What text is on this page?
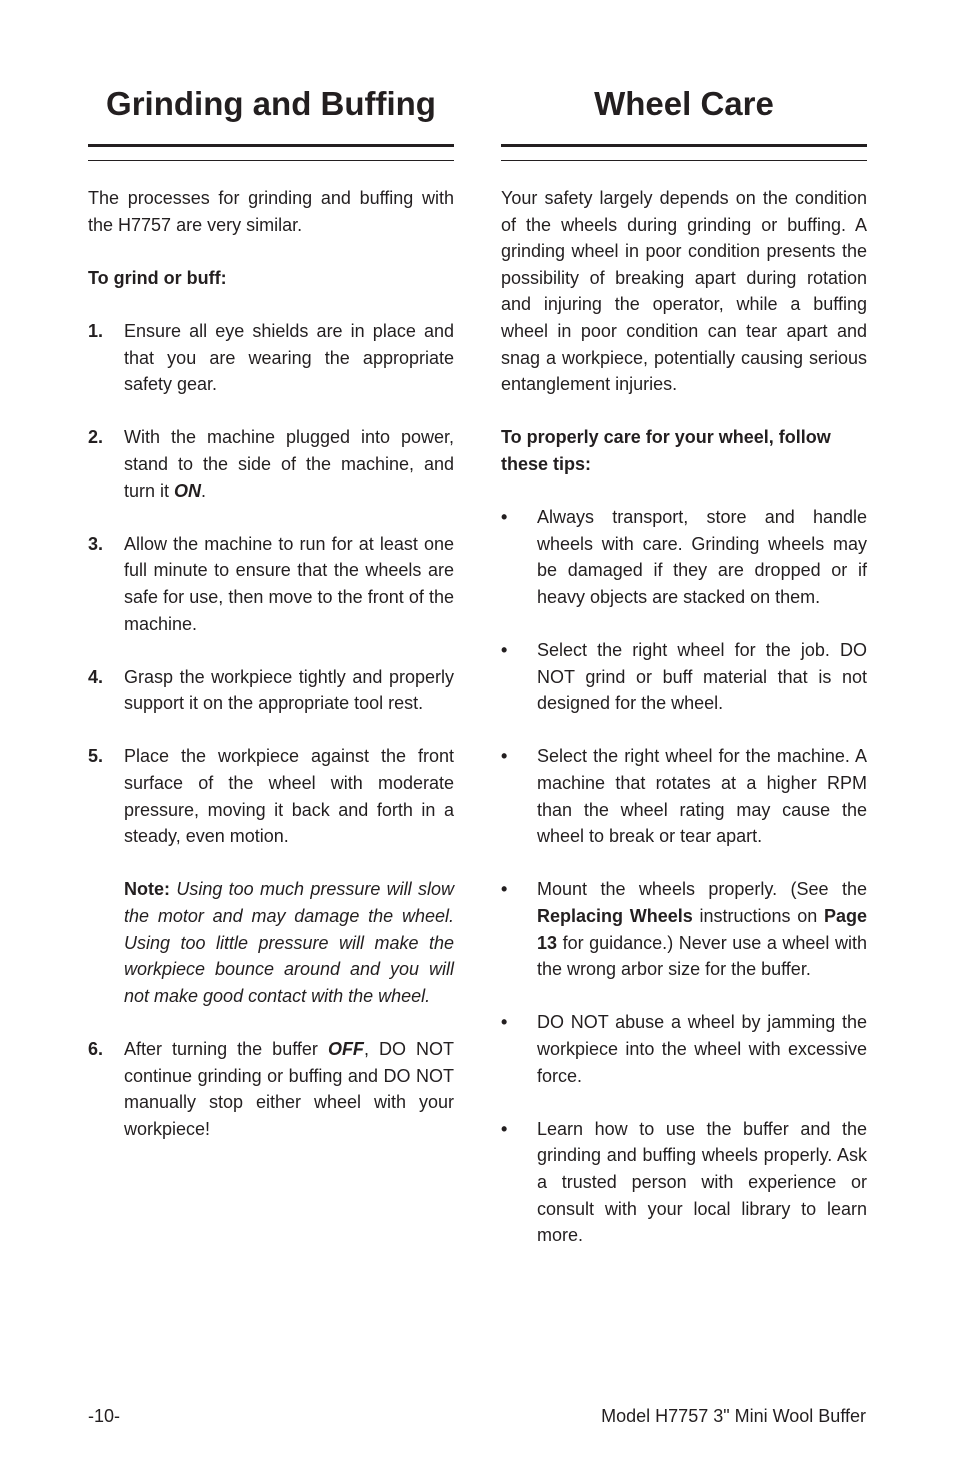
Grinding and Buffing

The processes for grinding and buffing with the H7757 are very similar.

To grind or buff:

1. Ensure all eye shields are in place and that you are wearing the appropriate safety gear.
2. With the machine plugged into power, stand to the side of the machine, and turn it ON.
3. Allow the machine to run for at least one full minute to ensure that the wheels are safe for use, then move to the front of the machine.
4. Grasp the workpiece tightly and properly support it on the appropriate tool rest.
5. Place the workpiece against the front surface of the wheel with moderate pressure, moving it back and forth in a steady, even motion.

Note: Using too much pressure will slow the motor and may damage the wheel. Using too little pressure will make the workpiece bounce around and you will not make good contact with the wheel.

6. After turning the buffer OFF, DO NOT continue grinding or buffing and DO NOT manually stop either wheel with your workpiece!
Wheel Care

Your safety largely depends on the condition of the wheels during grinding or buffing. A grinding wheel in poor condition presents the possibility of breaking apart during rotation and injuring the operator, while a buffing wheel in poor condition can tear apart and snag a workpiece, potentially causing serious entanglement injuries.

To properly care for your wheel, follow these tips:

• Always transport, store and handle wheels with care. Grinding wheels may be damaged if they are dropped or if heavy objects are stacked on them.
• Select the right wheel for the job. DO NOT grind or buff material that is not designed for the wheel.
• Select the right wheel for the machine. A machine that rotates at a higher RPM than the wheel rating may cause the wheel to break or tear apart.
• Mount the wheels properly. (See the Replacing Wheels instructions on Page 13 for guidance.) Never use a wheel with the wrong arbor size for the buffer.
• DO NOT abuse a wheel by jamming the workpiece into the wheel with excessive force.
• Learn how to use the buffer and the grinding and buffing wheels properly. Ask a trusted person with experience or consult with your local library to learn more.
-10-	Model H7757 3" Mini Wool Buffer
